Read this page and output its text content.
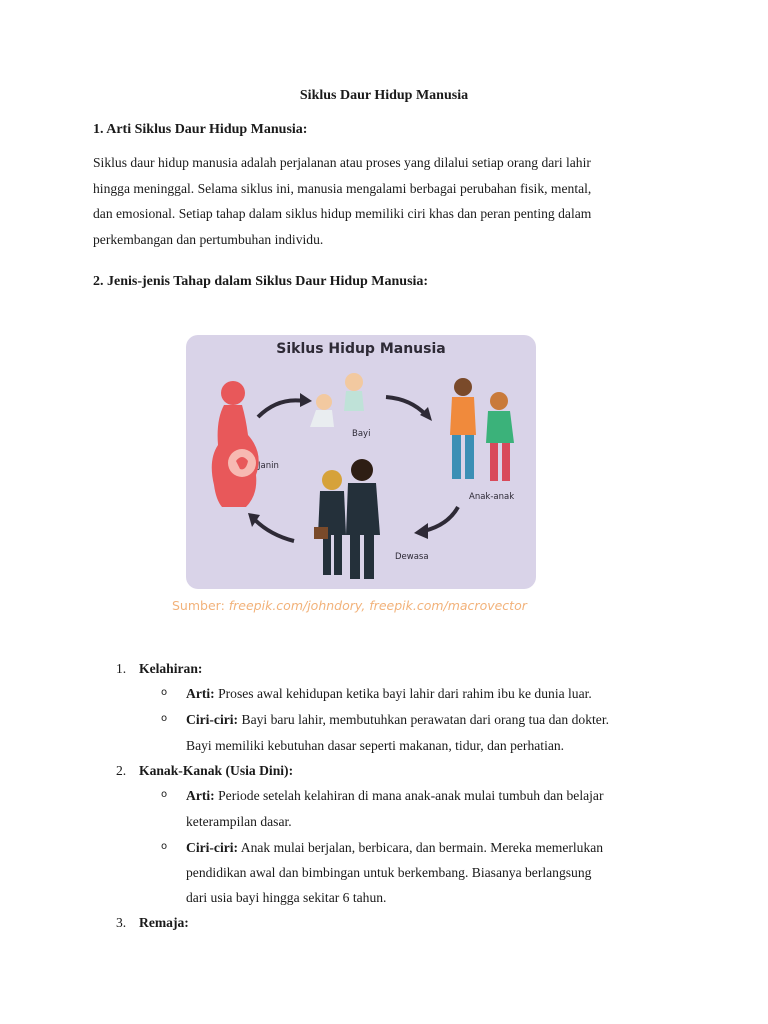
Siklus Daur Hidup Manusia
1. Arti Siklus Daur Hidup Manusia:
Siklus daur hidup manusia adalah perjalanan atau proses yang dilalui setiap orang dari lahir
hingga meninggal. Selama siklus ini, manusia mengalami berbagai perubahan fisik, mental,
dan emosional. Setiap tahap dalam siklus hidup memiliki ciri khas dan peran penting dalam
perkembangan dan pertumbuhan individu.
2. Jenis-jenis Tahap dalam Siklus Daur Hidup Manusia:
Siklus Hidup Manusia
Janin
Bayi
Anak-anak
Dewasa
Sumber: freepik.com/johndory, freepik.com/macrovector
1. Kelahiran:
o Arti: Proses awal kehidupan ketika bayi lahir dari rahim ibu ke dunia luar.
o Ciri-ciri: Bayi baru lahir, membutuhkan perawatan dari orang tua dan dokter.
Bayi memiliki kebutuhan dasar seperti makanan, tidur, dan perhatian.
2. Kanak-Kanak (Usia Dini):
o Arti: Periode setelah kelahiran di mana anak-anak mulai tumbuh dan belajar
keterampilan dasar.
o Ciri-ciri: Anak mulai berjalan, berbicara, dan bermain. Mereka memerlukan
pendidikan awal dan bimbingan untuk berkembang. Biasanya berlangsung
dari usia bayi hingga sekitar 6 tahun.
3. Remaja:
